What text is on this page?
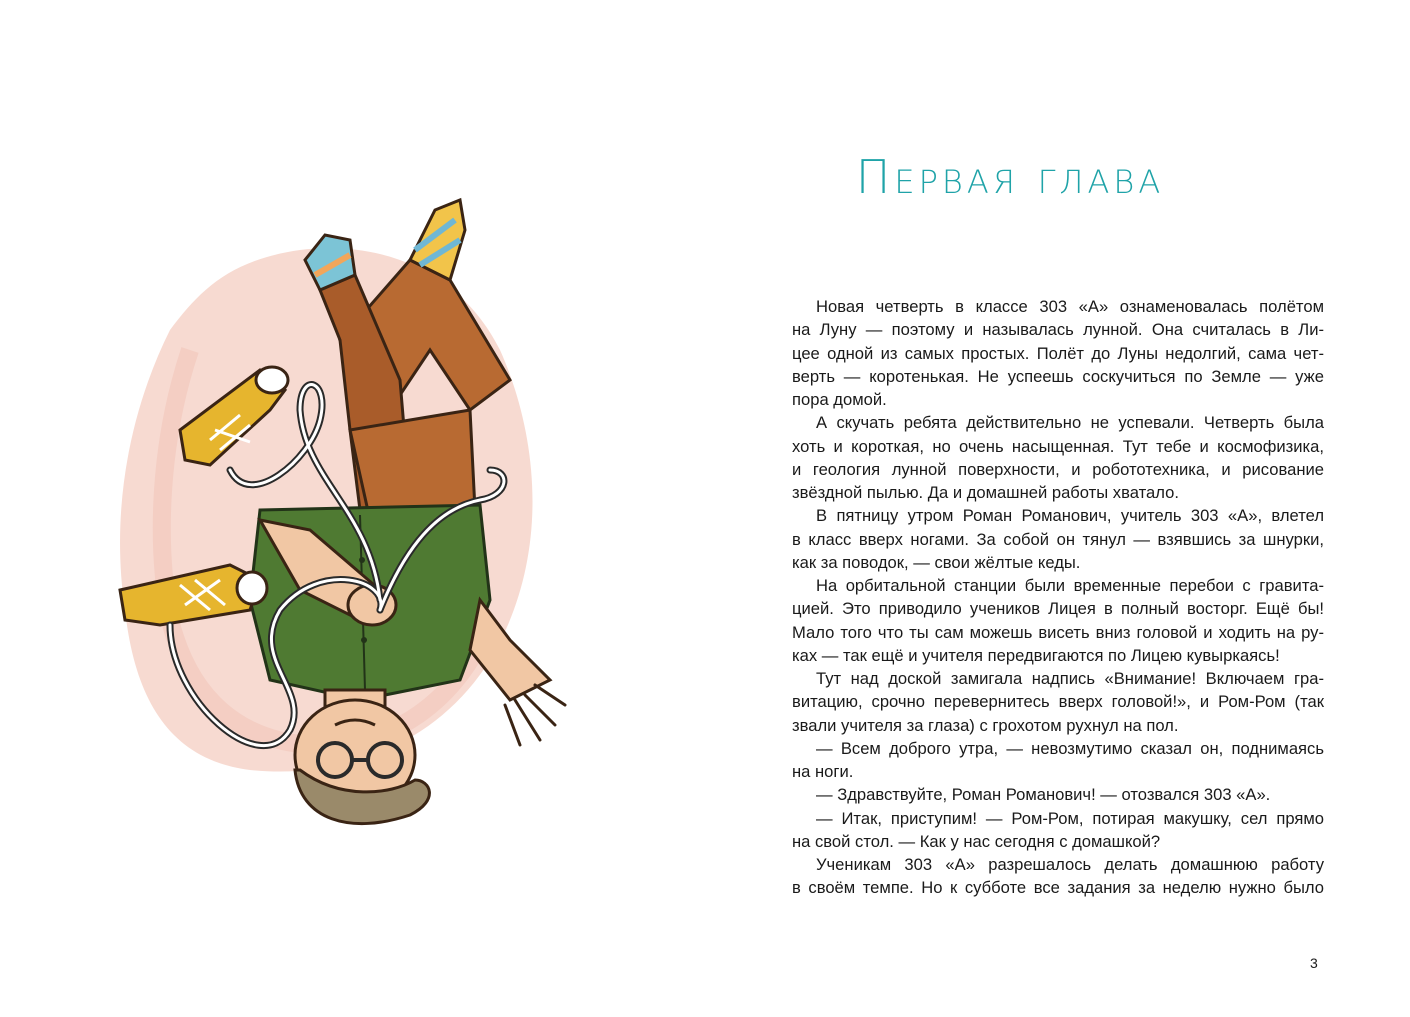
Первая глава

Новая четверть в классе 303 «А» ознаменовалась полётом

на Луну — поэтому и называлась лунной. Она считалась в Ли-

цее одной из самых простых. Полёт до Луны недолгий, сама чет-

верть — коротенькая. Не успеешь соскучиться по Земле — уже

пора домой.

А скучать ребята действительно не успевали. Четверть была

хоть и короткая, но очень насыщенная. Тут тебе и космофизика,

и геология лунной поверхности, и робототехника, и рисование

звёздной пылью. Да и домашней работы хватало.

В пятницу утром Роман Романович, учитель 303 «А», влетел

в класс вверх ногами. За собой он тянул — взявшись за шнурки,

как за поводок, — свои жёлтые кеды.

На орбитальной станции были временные перебои с гравита-

цией. Это приводило учеников Лицея в полный восторг. Ещё бы!

Мало того что ты сам можешь висеть вниз головой и ходить на ру-

ках — так ещё и учителя передвигаются по Лицею кувыркаясь!

Тут над доской замигала надпись «Внимание! Включаем гра-

витацию, срочно перевернитесь вверх головой!», и Ром-Ром (так

звали учителя за глаза) с грохотом рухнул на пол.

— Всем доброго утра, — невозмутимо сказал он, поднимаясь

на ноги.

— Здравствуйте, Роман Романович! — отозвался 303 «А».

— Итак, приступим! — Ром-Ром, потирая макушку, сел прямо

на свой стол. — Как у нас сегодня с домашкой?

Ученикам 303 «А» разрешалось делать домашнюю работу

в своём темпе. Но к субботе все задания за неделю нужно было

3
